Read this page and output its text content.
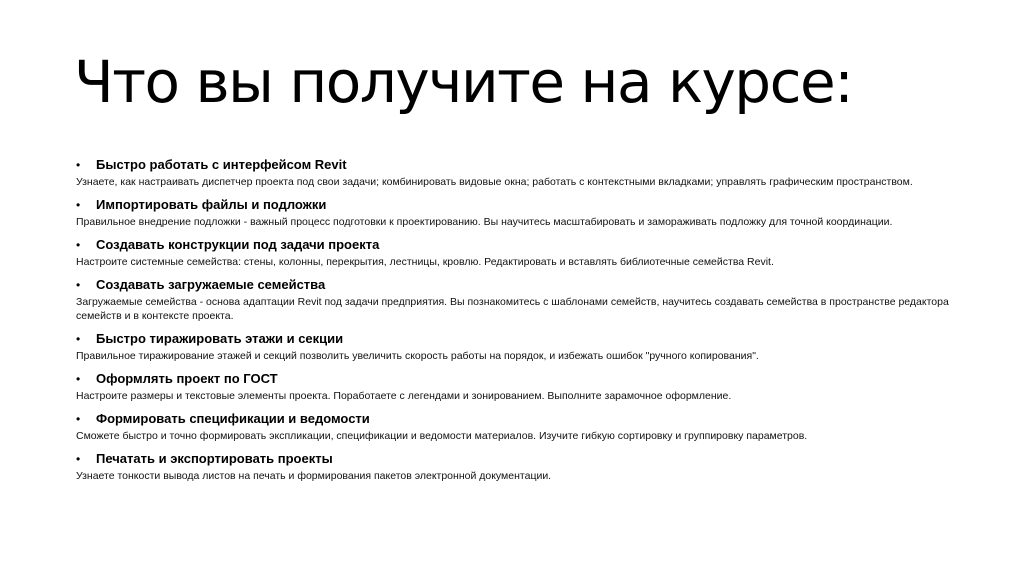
Что вы получите на курсе:
• Быстро работать с интерфейсом Revit
Узнаете, как настраивать диспетчер проекта под свои задачи; комбинировать видовые окна; работать с контекстными вкладками; управлять графическим пространством.
• Импортировать файлы и подложки
Правильное внедрение подложки - важный процесс подготовки к проектированию. Вы научитесь масштабировать и замораживать подложку для точной координации.
• Создавать конструкции под задачи проекта
Настроите системные семейства: стены, колонны, перекрытия, лестницы, кровлю. Редактировать и вставлять библиотечные семейства Revit.
• Создавать загружаемые семейства
Загружаемые семейства - основа адаптации Revit под задачи предприятия. Вы познакомитесь с шаблонами семейств, научитесь создавать семейства в пространстве редактора семейств и в контексте проекта.
• Быстро тиражировать этажи и секции
Правильное тиражирование этажей и секций позволить увеличить скорость работы на порядок, и избежать ошибок "ручного копирования".
• Оформлять проект по ГОСТ
Настроите размеры и текстовые элементы проекта. Поработаете с легендами и зонированием. Выполните зарамочное оформление.
• Формировать спецификации и ведомости
Сможете быстро и точно формировать экспликации, спецификации и ведомости материалов. Изучите гибкую сортировку и группировку параметров.
• Печатать и экспортировать проекты
Узнаете тонкости вывода листов на печать и формирования пакетов электронной документации.
